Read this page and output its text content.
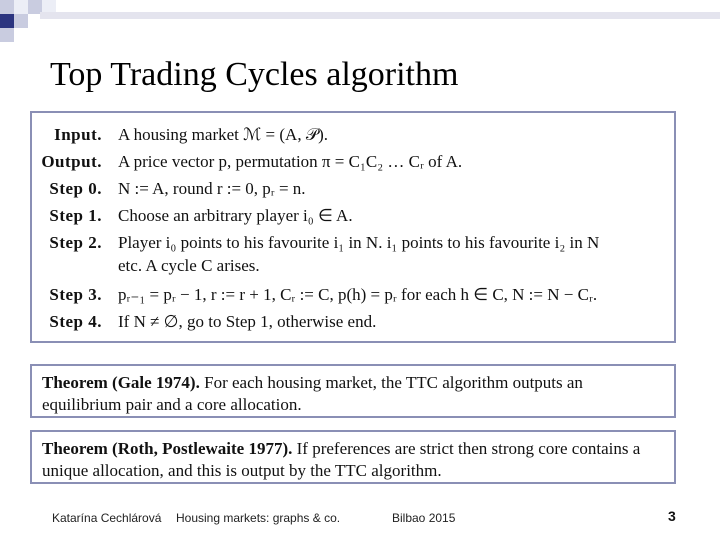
Top Trading Cycles algorithm
Input. A housing market ℳ = (A, 𝒫).
Output. A price vector p, permutation π = C₁C₂ … Cᵣ of A.
Step 0. N := A, round r := 0, pᵣ = n.
Step 1. Choose an arbitrary player i₀ ∈ A.
Step 2. Player i₀ points to his favourite i₁ in N. i₁ points to his favourite i₂ in N
etc. A cycle C arises.
Step 3. pᵣ₋₁ = pᵣ − 1, r := r + 1, Cᵣ := C, p(h) = pᵣ for each h ∈ C, N := N − Cᵣ.
Step 4. If N ≠ ∅, go to Step 1, otherwise end.
Theorem (Gale 1974). For each housing market, the TTC algorithm outputs an equilibrium pair and a core allocation.
Theorem (Roth, Postlewaite 1977). If preferences are strict then strong core contains a unique allocation, and this is output by the TTC algorithm.
Katarína Cechlárová Housing markets: graphs & co.	Bilbao 2015	3
